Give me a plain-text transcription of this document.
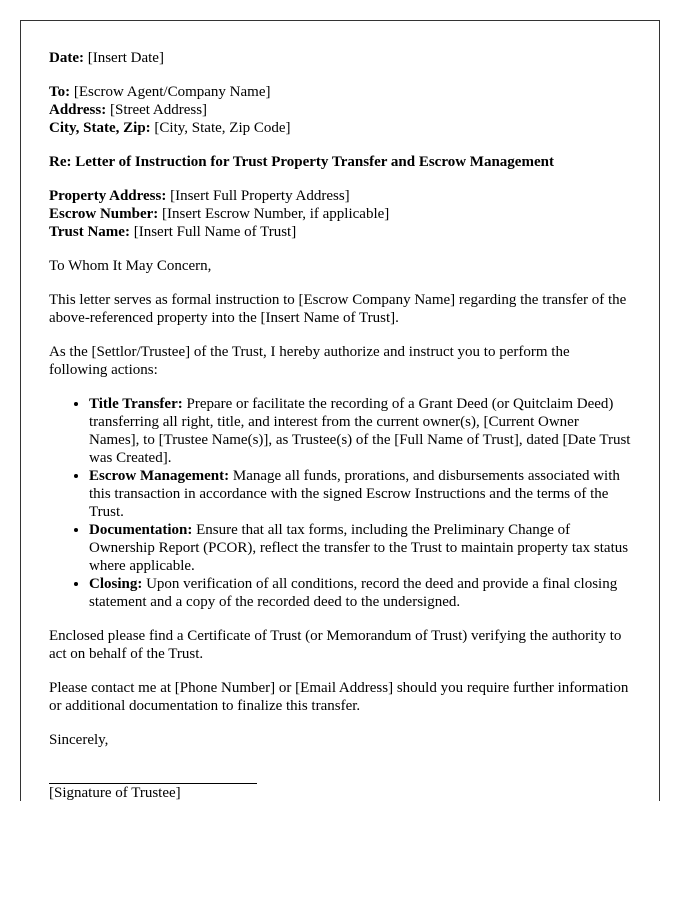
Date: [Insert Date]

To: [Escrow Agent/Company Name]
Address: [Street Address]
City, State, Zip: [City, State, Zip Code]

Re: Letter of Instruction for Trust Property Transfer and Escrow Management

Property Address: [Insert Full Property Address]
Escrow Number: [Insert Escrow Number, if applicable]
Trust Name: [Insert Full Name of Trust]

To Whom It May Concern,

This letter serves as formal instruction to [Escrow Company Name] regarding the transfer of the above-referenced property into the [Insert Name of Trust].

As the [Settlor/Trustee] of the Trust, I hereby authorize and instruct you to perform the following actions:

• Title Transfer: Prepare or facilitate the recording of a Grant Deed (or Quitclaim Deed) transferring all right, title, and interest from the current owner(s), [Current Owner Names], to [Trustee Name(s)], as Trustee(s) of the [Full Name of Trust], dated [Date Trust was Created].
• Escrow Management: Manage all funds, prorations, and disbursements associated with this transaction in accordance with the signed Escrow Instructions and the terms of the Trust.
• Documentation: Ensure that all tax forms, including the Preliminary Change of Ownership Report (PCOR), reflect the transfer to the Trust to maintain property tax status where applicable.
• Closing: Upon verification of all conditions, record the deed and provide a final closing statement and a copy of the recorded deed to the undersigned.

Enclosed please find a Certificate of Trust (or Memorandum of Trust) verifying the authority to act on behalf of the Trust.

Please contact me at [Phone Number] or [Email Address] should you require further information or additional documentation to finalize this transfer.

Sincerely,

[Signature of Trustee]
